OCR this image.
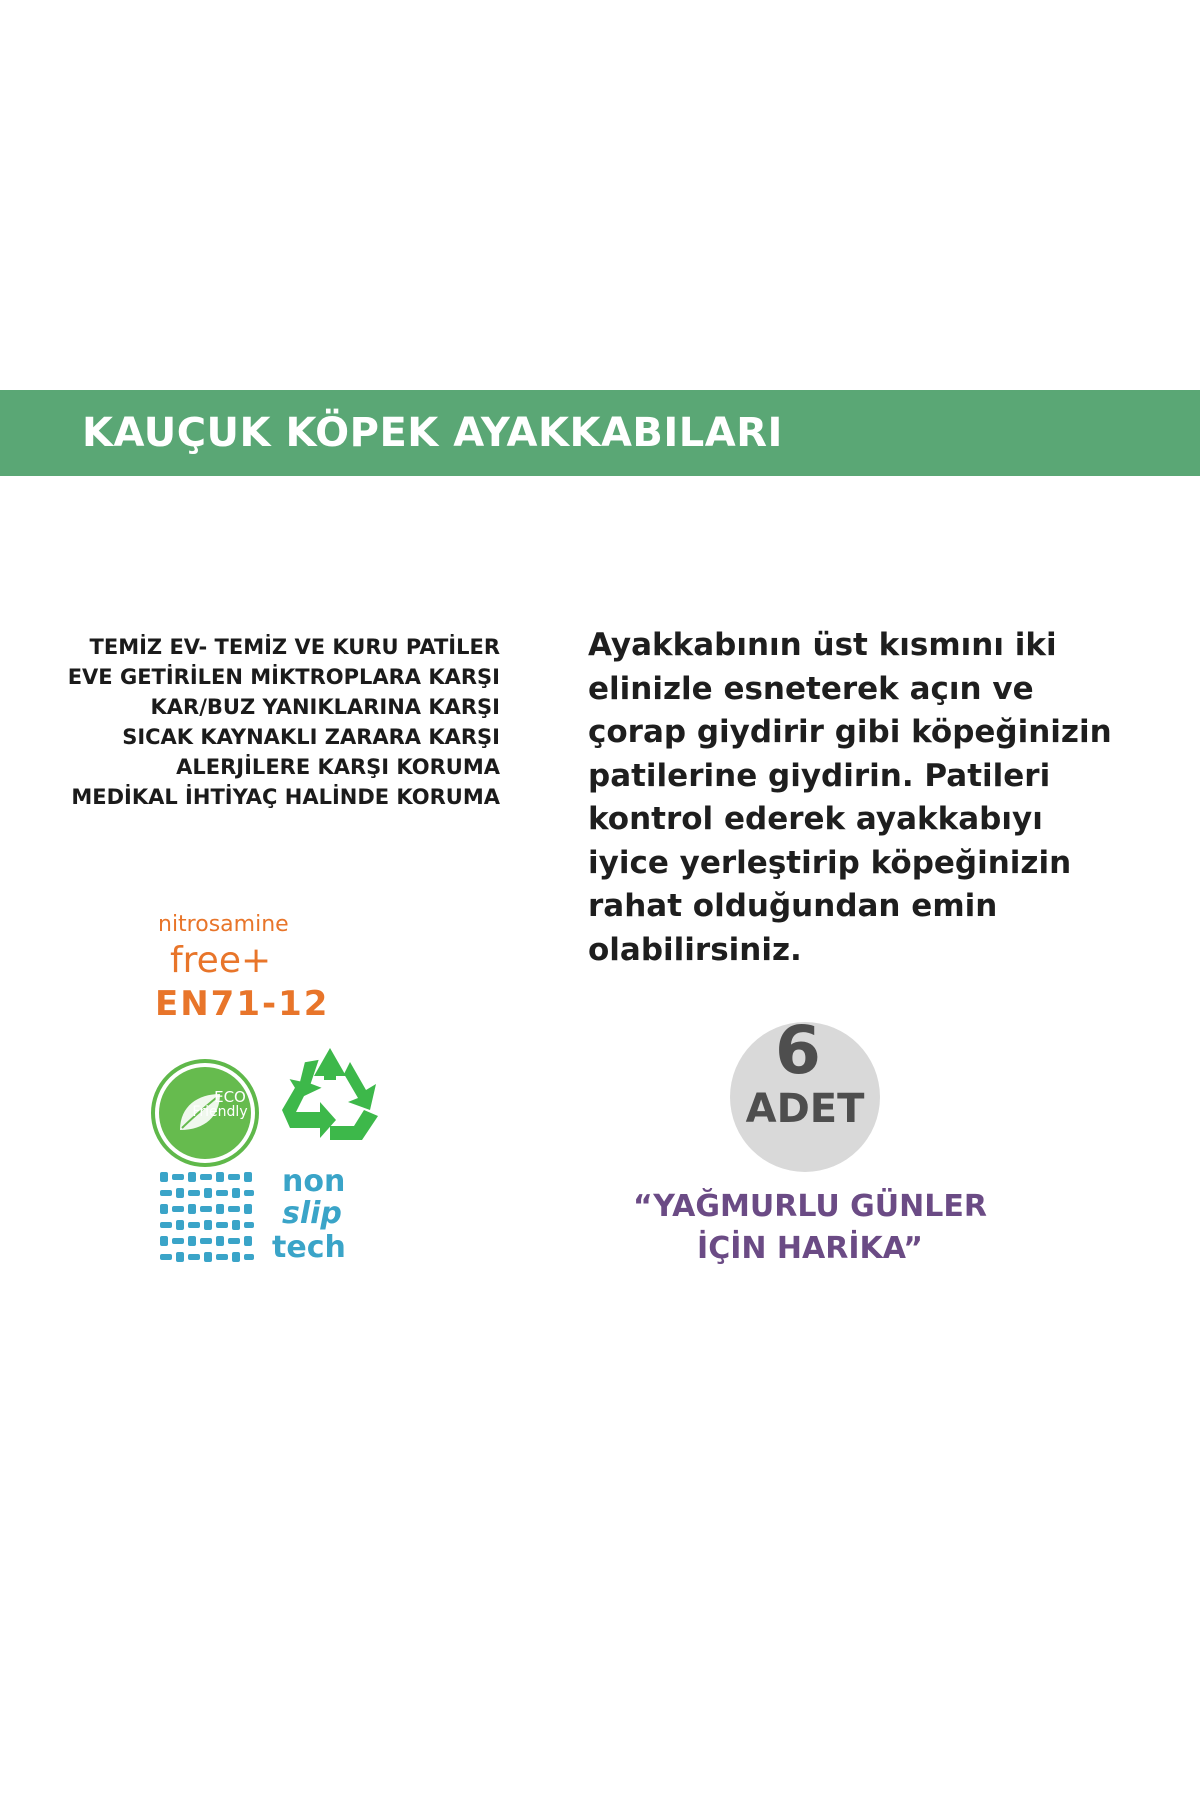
KAUÇUK KÖPEK AYAKKABILARI
TEMİZ EV- TEMİZ VE KURU PATİLER
EVE GETİRİLEN MİKTROPLARA KARŞI
KAR/BUZ YANIKLARINA KARŞI
SICAK KAYNAKLI ZARARA KARŞI
ALERJİLERE KARŞI KORUMA
MEDİKAL İHTİYAÇ HALİNDE KORUMA
Ayakkabının üst kısmını iki
elinizle esneterek açın ve
çorap giydirir gibi köpeğinizin
patilerine giydirin. Patileri
kontrol ederek ayakkabıyı
iyice yerleştirip köpeğinizin
rahat olduğundan emin
olabilirsiniz.
nitrosamine
free+
EN71-12
ECO
Friendly
non
slip
tech
6
ADET
“YAĞMURLU GÜNLER
İÇİN HARİKA”
